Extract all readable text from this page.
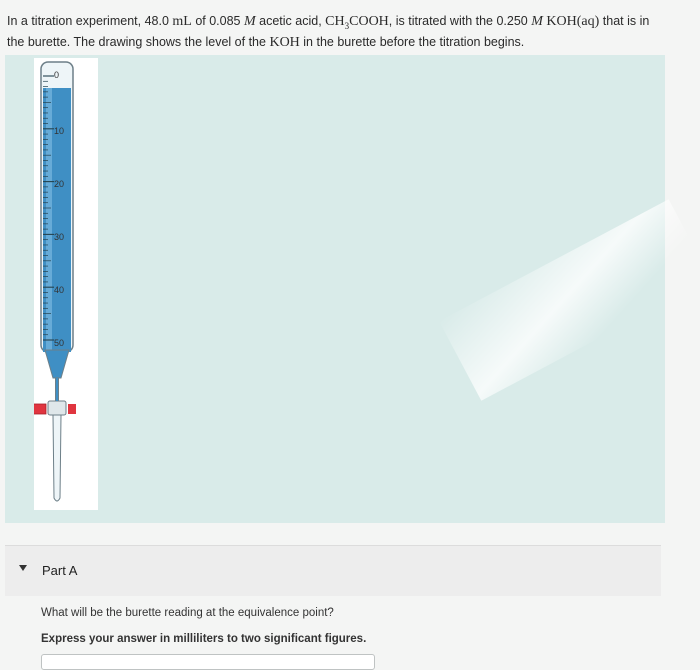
In a titration experiment, 48.0 mL of 0.085 M acetic acid, $CH_3COOH$, is titrated with the 0.250 M KOH(aq) that is in
the burette. The drawing shows the level of the KOH in the burette before the titration begins.
0
10
20
30
40
50
Part A
What will be the burette reading at the equivalence point?
Express your answer in milliliters to two significant figures.
